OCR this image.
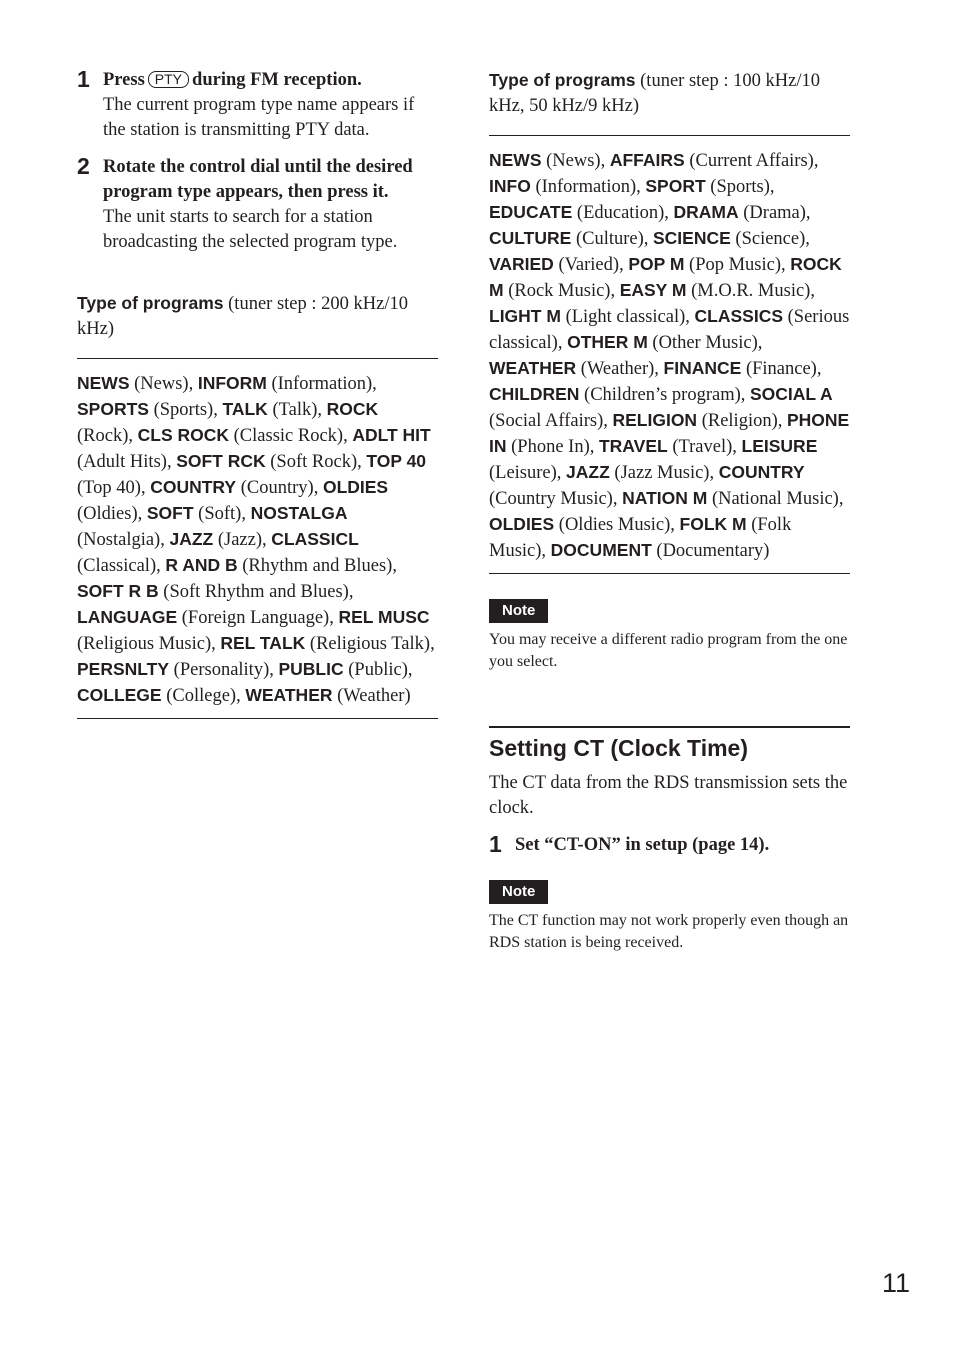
1 Press PTY during FM reception.
The current program type name appears if the station is transmitting PTY data.
2 Rotate the control dial until the desired program type appears, then press it.
The unit starts to search for a station broadcasting the selected program type.
Type of programs (tuner step : 200 kHz/10 kHz)
NEWS (News), INFORM (Information), SPORTS (Sports), TALK (Talk), ROCK (Rock), CLS ROCK (Classic Rock), ADLT HIT (Adult Hits), SOFT RCK (Soft Rock), TOP 40 (Top 40), COUNTRY (Country), OLDIES (Oldies), SOFT (Soft), NOSTALGA (Nostalgia), JAZZ (Jazz), CLASSICL (Classical), R AND B (Rhythm and Blues), SOFT R B (Soft Rhythm and Blues), LANGUAGE (Foreign Language), REL MUSC (Religious Music), REL TALK (Religious Talk), PERSNLTY (Personality), PUBLIC (Public), COLLEGE (College), WEATHER (Weather)
Type of programs (tuner step : 100 kHz/10 kHz, 50 kHz/9 kHz)
NEWS (News), AFFAIRS (Current Affairs), INFO (Information), SPORT (Sports), EDUCATE (Education), DRAMA (Drama), CULTURE (Culture), SCIENCE (Science), VARIED (Varied), POP M (Pop Music), ROCK M (Rock Music), EASY M (M.O.R. Music), LIGHT M (Light classical), CLASSICS (Serious classical), OTHER M (Other Music), WEATHER (Weather), FINANCE (Finance), CHILDREN (Children’s program), SOCIAL A (Social Affairs), RELIGION (Religion), PHONE IN (Phone In), TRAVEL (Travel), LEISURE (Leisure), JAZZ (Jazz Music), COUNTRY (Country Music), NATION M (National Music), OLDIES (Oldies Music), FOLK M (Folk Music), DOCUMENT (Documentary)
Note
You may receive a different radio program from the one you select.
Setting CT (Clock Time)
The CT data from the RDS transmission sets the clock.
1 Set “CT-ON” in setup (page 14).
Note
The CT function may not work properly even though an RDS station is being received.
11
